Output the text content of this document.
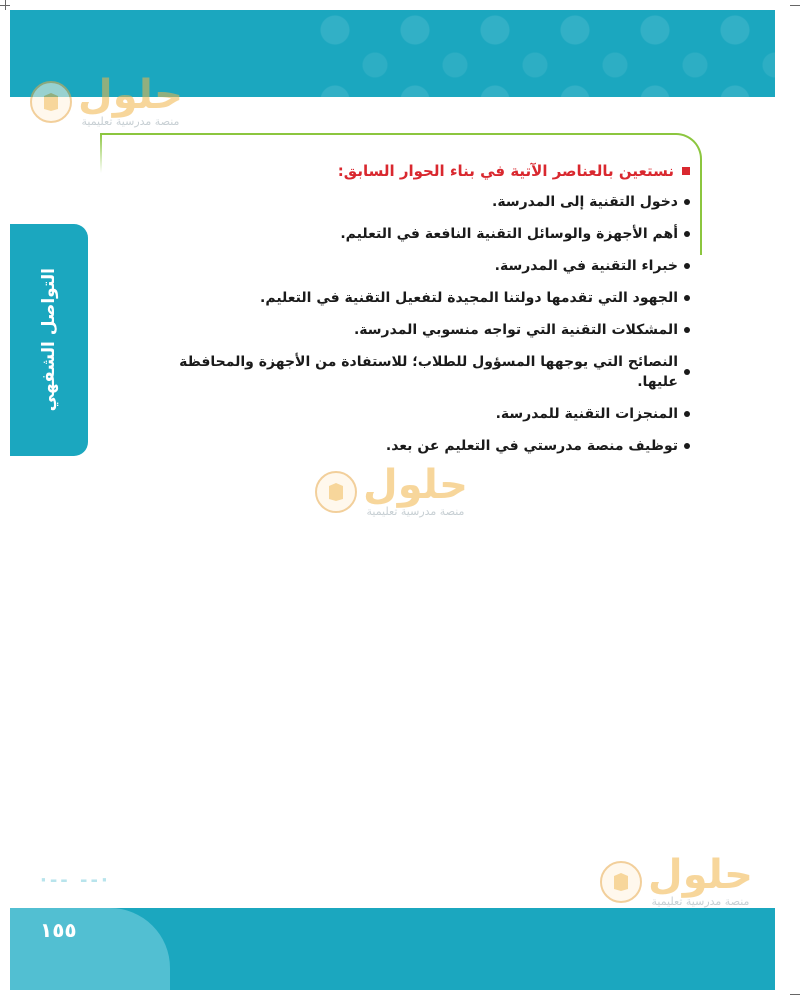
حلول
منصة مدرسية تعليمية
التواصل الشفهي
نستعين بالعناصر الآتية في بناء الحوار السابق:
دخول التقنية إلى المدرسة.
أهم الأجهزة والوسائل التقنية النافعة في التعليم.
خبراء التقنية في المدرسة.
الجهود التي تقدمها دولتنا المجيدة لتفعيل التقنية في التعليم.
المشكلات التقنية التي تواجه منسوبي المدرسة.
النصائح التي يوجهها المسؤول للطلاب؛ للاستفادة من الأجهزة والمحافظة عليها.
المنجزات التقنية للمدرسة.
توظيف منصة مدرستي في التعليم عن بعد.
حلول
منصة مدرسية تعليمية
·-- --·
١٥٥
حلول
منصة مدرسية تعليمية
